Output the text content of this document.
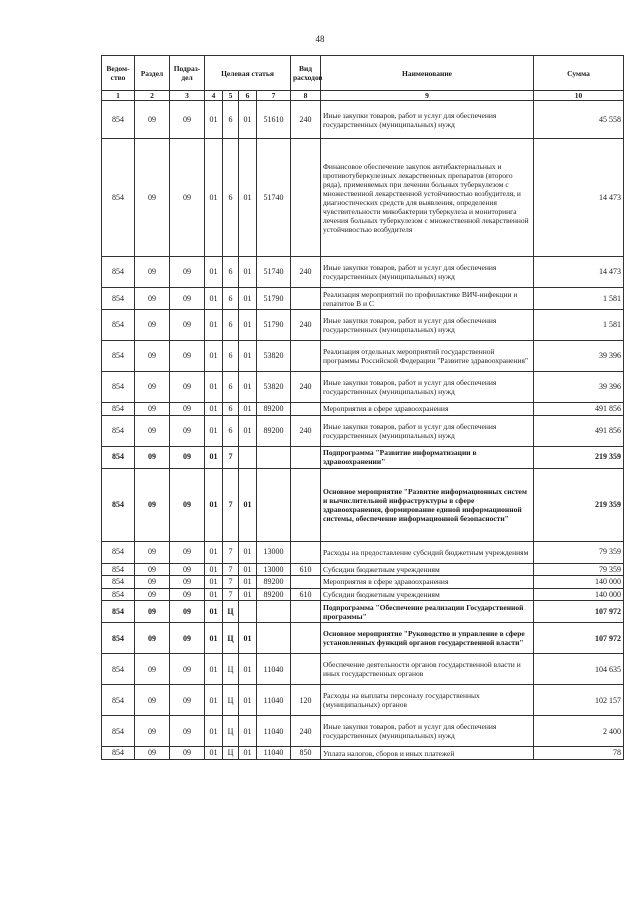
48
Ведом-ство	Раздел	Подраз-дел	Целевая статья				Вид расходов	Наименование	Сумма
1	2	3	4	5	6	7	8	9	10
854	09	09	01	6	01	51610	240	Иные закупки товаров, работ и услуг для обеспечения государственных (муниципальных) нужд	45 558
854	09	09	01	6	01	51740		Финансовое обеспечение закупок антибактериальных и противотуберкулезных лекарственных препаратов (второго ряда), применяемых при лечении больных туберкулезом с множественной лекарственной устойчивостью возбудителя, и диагностических средств для выявления, определения чувствительности микобактерии туберкулеза и мониторинга лечения больных туберкулезом с множественной лекарственной устойчивостью возбудителя	14 473
854	09	09	01	6	01	51740	240	Иные закупки товаров, работ и услуг для обеспечения государственных (муниципальных) нужд	14 473
854	09	09	01	6	01	51790		Реализация мероприятий по профилактике ВИЧ-инфекции и гепатитов В и С	1 581
854	09	09	01	6	01	51790	240	Иные закупки товаров, работ и услуг для обеспечения государственных (муниципальных) нужд	1 581
854	09	09	01	6	01	53820		Реализация отдельных мероприятий государственной программы Российской Федерации "Развитие здравоохранения"	39 396
854	09	09	01	6	01	53820	240	Иные закупки товаров, работ и услуг для обеспечения государственных (муниципальных) нужд	39 396
854	09	09	01	6	01	89200		Мероприятия в сфере здравоохранения	491 856
854	09	09	01	6	01	89200	240	Иные закупки товаров, работ и услуг для обеспечения государственных (муниципальных) нужд	491 856
854	09	09	01	7				Подпрограмма "Развитие информатизации в здравоохранении"	219 359
854	09	09	01	7	01			Основное мероприятие "Развитие информационных систем и вычислительной инфраструктуры в сфере здравоохранения, формирование единой информационной системы, обеспечение информационной безопасности"	219 359
854	09	09	01	7	01	13000		Расходы на предоставление субсидий бюджетным учреждениям	79 359
854	09	09	01	7	01	13000	610	Субсидии бюджетным учреждениям	79 359
854	09	09	01	7	01	89200		Мероприятия в сфере здравоохранения	140 000
854	09	09	01	7	01	89200	610	Субсидии бюджетным учреждениям	140 000
854	09	09	01	Ц				Подпрограмма "Обеспечение реализации Государственной программы"	107 972
854	09	09	01	Ц	01			Основное мероприятие "Руководство и управление в сфере установленных функций органов государственной власти"	107 972
854	09	09	01	Ц	01	11040		Обеспечение деятельности органов государственной власти и иных государственных органов	104 635
854	09	09	01	Ц	01	11040	120	Расходы на выплаты персоналу государственных (муниципальных) органов	102 157
854	09	09	01	Ц	01	11040	240	Иные закупки товаров, работ и услуг для обеспечения государственных (муниципальных) нужд	2 400
854	09	09	01	Ц	01	11040	850	Уплата налогов, сборов и иных платежей	78
